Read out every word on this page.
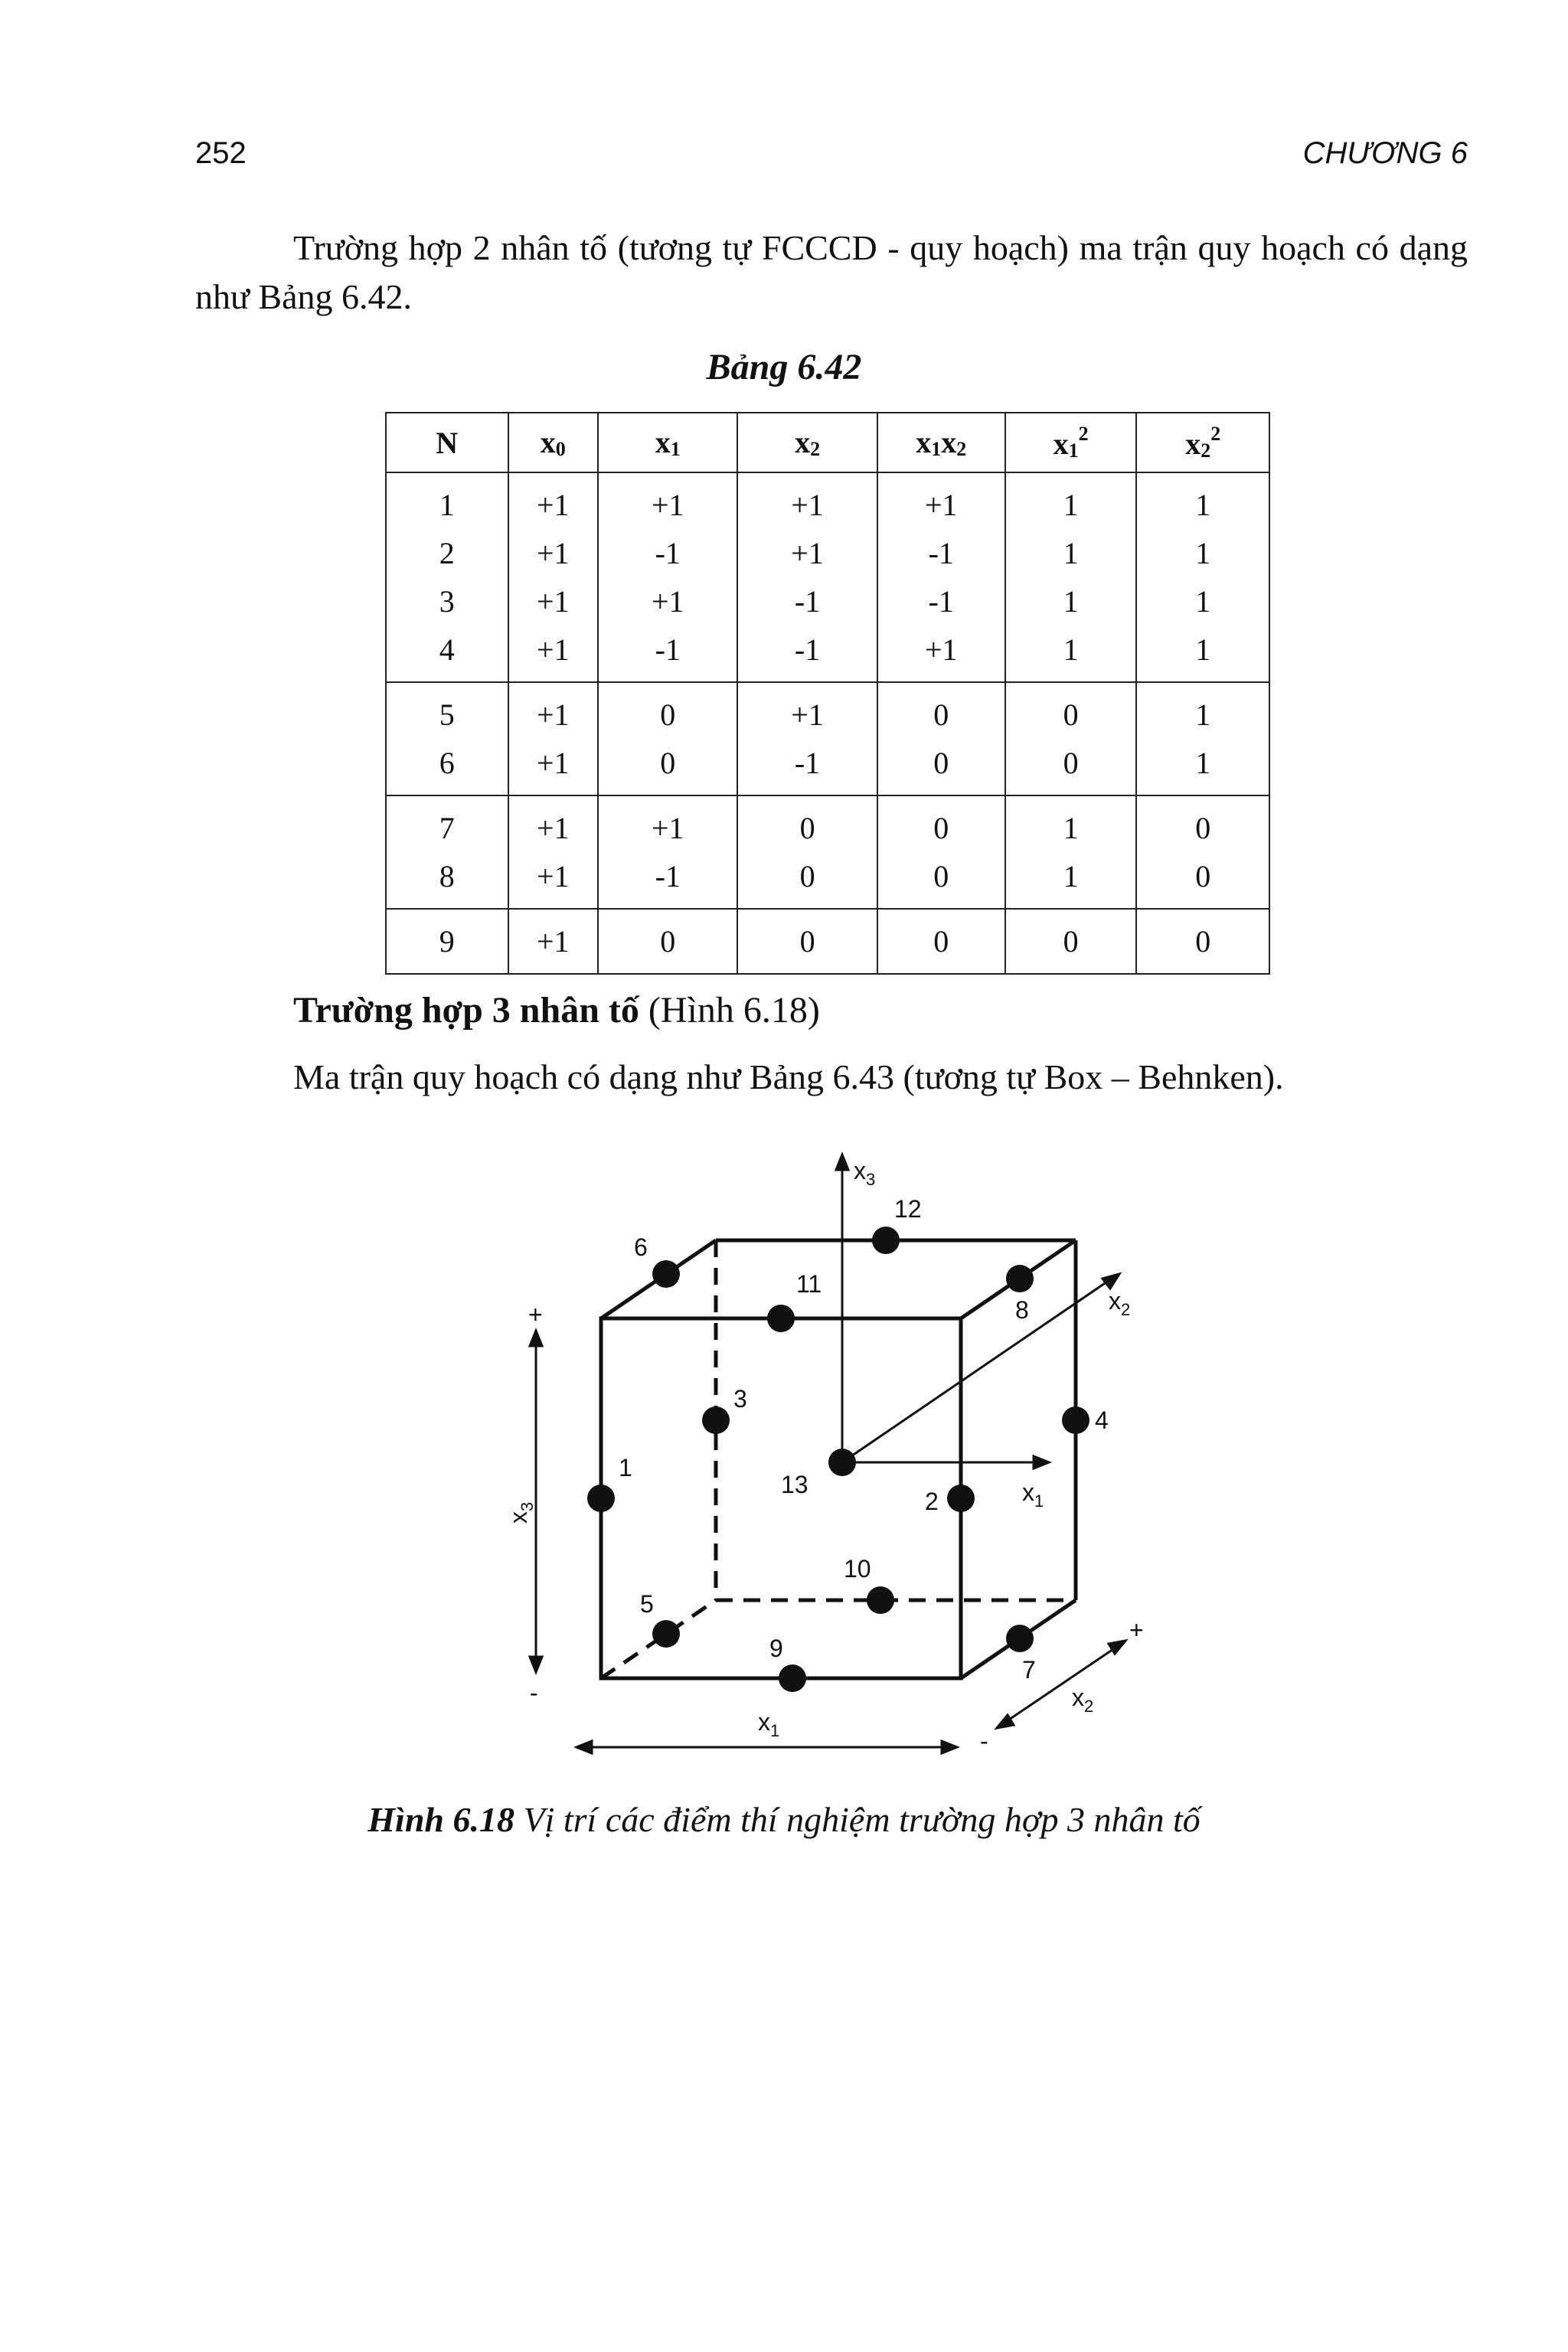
252	CHƯƠNG 6

Trường hợp 2 nhân tố (tương tự FCCCD - quy hoạch) ma trận quy hoạch có dạng như Bảng 6.42.

Bảng 6.42

N	x0	x1	x2	x1x2	$x1^2$	$x2^2$
1	+1	+1	+1	+1	1	1
2	+1	-1	+1	-1	1	1
3	+1	+1	-1	-1	1	1
4	+1	-1	-1	+1	1	1
5	+1	0	+1	0	0	1
6	+1	0	-1	0	0	1
7	+1	+1	0	0	1	0
8	+1	-1	0	0	1	0
9	+1	0	0	0	0	0

Trường hợp 3 nhân tố (Hình 6.18)

Ma trận quy hoạch có dạng như Bảng 6.43 (tương tự Box – Behnken).

1
2
3
4
5
6
7
8
9
10
11
12
13
$x_3$
$x_1$
$x_2$
$x_1$
$x_2$
$x_3$
+
-
+
-

Hình 6.18 Vị trí các điểm thí nghiệm trường hợp 3 nhân tố
